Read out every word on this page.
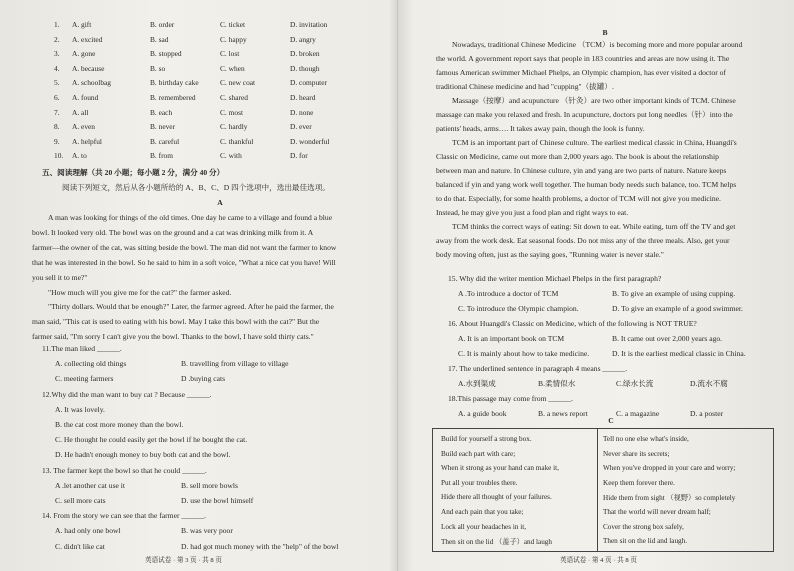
1. A. gift	B. order	C. ticket	D. invitation
2. A. excited	B. sad	C. happy	D. angry
3. A. gone	B. stopped	C. lost	D. broken
4. A. because	B. so	C. when	D. though
5. A. schoolbag	B. birthday cake	C. new coat	D. computer
6. A. found	B. remembered	C. shared	D. heard
7. A. all	B. each	C. most	D. none
8. A. even	B. never	C. hardly	D. ever
9. A. helpful	B. careful	C. thankful	D. wonderful
10. A. to	B. from	C. with	D. for
五、阅读理解（共 20 小题；每小题 2 分，满分 40 分）
阅读下列短文，然后从各小题所给的 A、B、C、D 四个选项中，选出最佳选项。
A
A man was looking for things of the old times. One day he came to a village and found a blue
bowl. It looked very old. The bowl was on the ground and a cat was drinking milk from it. A
farmer—the owner of the cat, was sitting beside the bowl. The man did not want the farmer to know
that he was interested in the bowl. So he said to him in a soft voice, "What a nice cat you have! Will
you sell it to me?"
"How much will you give me for the cat?" the farmer asked.
"Thirty dollars. Would that be enough?" Later, the farmer agreed. After he paid the farmer, the
man said, "This cat is used to eating with his bowl. May I take this bowl with the cat?" But the
farmer said, "I'm sorry I can't give you the bowl. Thanks to the bowl, I have sold thirty cats."
11.The man liked ______.
A. collecting old things	B. travelling from village to village
C. meeting farmers	D .buying cats
12.Why did the man want to buy cat ? Because ______.
A. It was lovely.
B. the cat cost more money than the bowl.
C. He thought he could easily get the bowl if he bought the cat.
D. He hadn't enough money to buy both cat and the bowl.
13. The farmer kept the bowl so that he could ______.
A .let another cat use it	B. sell more bowls
C. sell more cats	D. use the bowl himself
14. From the story we can see that the farmer ______.
A. had only one bowl	B. was very poor
C. didn't like cat	D. had got much money with the "help" of the bowl
英语试卷 · 第 3 页 · 共 8 页
B
Nowadays, traditional Chinese Medicine （TCM）is becoming more and more popular around
the world. A government report says that people in 183 countries and areas are now using it. The
famous American swimmer Michael Phelps, an Olympic champion, has ever visited a doctor of
traditional Chinese medicine and had "cupping"（拔罐）.
Massage（按摩）and acupuncture （针灸）are two other important kinds of TCM. Chinese
massage can make you relaxed and fresh. In acupuncture, doctors put long needles（针）into the
patients' heads, arms…. It takes away pain, though the look is funny.
TCM is an important part of Chinese culture. The earliest medical classic in China, Huangdi's
Classic on Medicine, came out more than 2,000 years ago. The book is about the relationship
between man and nature. In Chinese culture, yin and yang are two parts of nature. Nature keeps
balanced if yin and yang work well together. The human body needs such balance, too. TCM helps
to do that. Especially, for some health problems, a doctor of TCM will not give you medicine.
Instead, he may give you just a food plan and right ways to eat.
TCM thinks the correct ways of eating: Sit down to eat. While eating, turn off the TV and get
away from the work desk. Eat seasonal foods. Do not miss any of the three meals. Also, get your
body moving often, just as the saying goes, "Running water is never stale."
15. Why did the writer mention Michael Phelps in the first paragraph?
A .To introduce a doctor of TCM	B. To give an example of using cupping.
C. To introduce the Olympic champion.	D. To give an example of a good swimmer.
16. About Huangdi's Classic on Medicine, which of the following is NOT TRUE?
A. It is an important book on TCM	B. It came out over 2,000 years ago.
C. It is mainly about how to take medicine.	D. It is the earliest medical classic in China.
17. The underlined sentence in paragraph 4 means ______.
A.水到渠成	B.柔情似水	C.绿水长流	D.流水不腐
18.This passage may come from ______.
A. a guide book	B. a news report	C. a magazine	D. a poster
C
Build for yourself a strong box.
Build each part with care;
When it strong as your hand can make it,
Put all your troubles there.
Hide there all thought of your failures.
And each pain that you take;
Lock all your headaches in it,
Then sit on the lid （盖子）and laugh
Tell no one else what's inside,
Never share its secrets;
When you've dropped in your care and worry;
Keep them forever there.
Hide them from sight （视野）so completely
That the world will never dream half;
Cover the strong box safely,
Then sit on the lid and laugh.
英语试卷 · 第 4 页 · 共 8 页
